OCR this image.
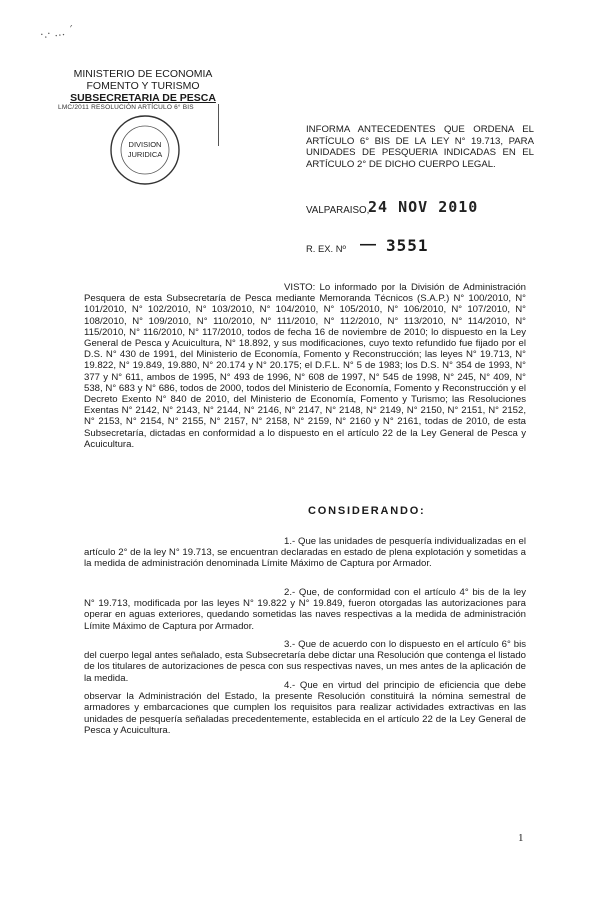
·.· … ´
MINISTERIO DE ECONOMIA
FOMENTO Y TURISMO
SUBSECRETARIA DE PESCA
LMC/2011 RESOLUCIÓN ARTÍCULO 6° BIS
DIVISION
JURIDICA
INFORMA ANTECEDENTES QUE ORDENA EL ARTÍCULO 6° BIS DE LA LEY N° 19.713, PARA UNIDADES DE PESQUERIA INDICADAS EN EL ARTÍCULO 2° DE DICHO CUERPO LEGAL.
VALPARAISO,
24 NOV 2010
R. EX. Nº — 3551
VISTO: Lo informado por la División de Administración Pesquera de esta Subsecretaría de Pesca mediante Memoranda Técnicos (S.A.P.) N° 100/2010, N° 101/2010, N° 102/2010, N° 103/2010, N° 104/2010, N° 105/2010, N° 106/2010, N° 107/2010, N° 108/2010, N° 109/2010, N° 110/2010, N° 111/2010, N° 112/2010, N° 113/2010, N° 114/2010, N° 115/2010, N° 116/2010, N° 117/2010, todos de fecha 16 de noviembre de 2010; lo dispuesto en la Ley General de Pesca y Acuicultura, N° 18.892, y sus modificaciones, cuyo texto refundido fue fijado por el D.S. N° 430 de 1991, del Ministerio de Economía, Fomento y Reconstrucción; las leyes N° 19.713, N° 19.822, N° 19.849, 19.880, N° 20.174 y N° 20.175; el D.F.L. N° 5 de 1983; los D.S. N° 354 de 1993, N° 377 y N° 611, ambos de 1995, N° 493 de 1996, N° 608 de 1997, N° 545 de 1998, N° 245, N° 409, N° 538, N° 683 y N° 686, todos de 2000, todos del Ministerio de Economía, Fomento y Reconstrucción y el Decreto Exento N° 840 de 2010, del Ministerio de Economía, Fomento y Turismo; las Resoluciones Exentas N° 2142, N° 2143, N° 2144, N° 2146, N° 2147, N° 2148, N° 2149, N° 2150, N° 2151, N° 2152, N° 2153, N° 2154, N° 2155, N° 2157, N° 2158, N° 2159, N° 2160 y N° 2161, todas de 2010, de esta Subsecretaría, dictadas en conformidad a lo dispuesto en el artículo 22 de la Ley General de Pesca y Acuicultura.
CONSIDERANDO:
1.- Que las unidades de pesquería individualizadas en el artículo 2° de la ley N° 19.713, se encuentran declaradas en estado de plena explotación y sometidas a la medida de administración denominada Límite Máximo de Captura por Armador.
2.- Que, de conformidad con el artículo 4° bis de la ley N° 19.713, modificada por las leyes N° 19.822 y N° 19.849, fueron otorgadas las autorizaciones para operar en aguas exteriores, quedando sometidas las naves respectivas a la medida de administración Límite Máximo de Captura por Armador.
3.- Que de acuerdo con lo dispuesto en el artículo 6° bis del cuerpo legal antes señalado, esta Subsecretaría debe dictar una Resolución que contenga el listado de los titulares de autorizaciones de pesca con sus respectivas naves, un mes antes de la aplicación de la medida.
4.- Que en virtud del principio de eficiencia que debe observar la Administración del Estado, la presente Resolución constituirá la nómina semestral de armadores y embarcaciones que cumplen los requisitos para realizar actividades extractivas en las unidades de pesquería señaladas precedentemente, establecida en el artículo 22 de la Ley General de Pesca y Acuicultura.
1
